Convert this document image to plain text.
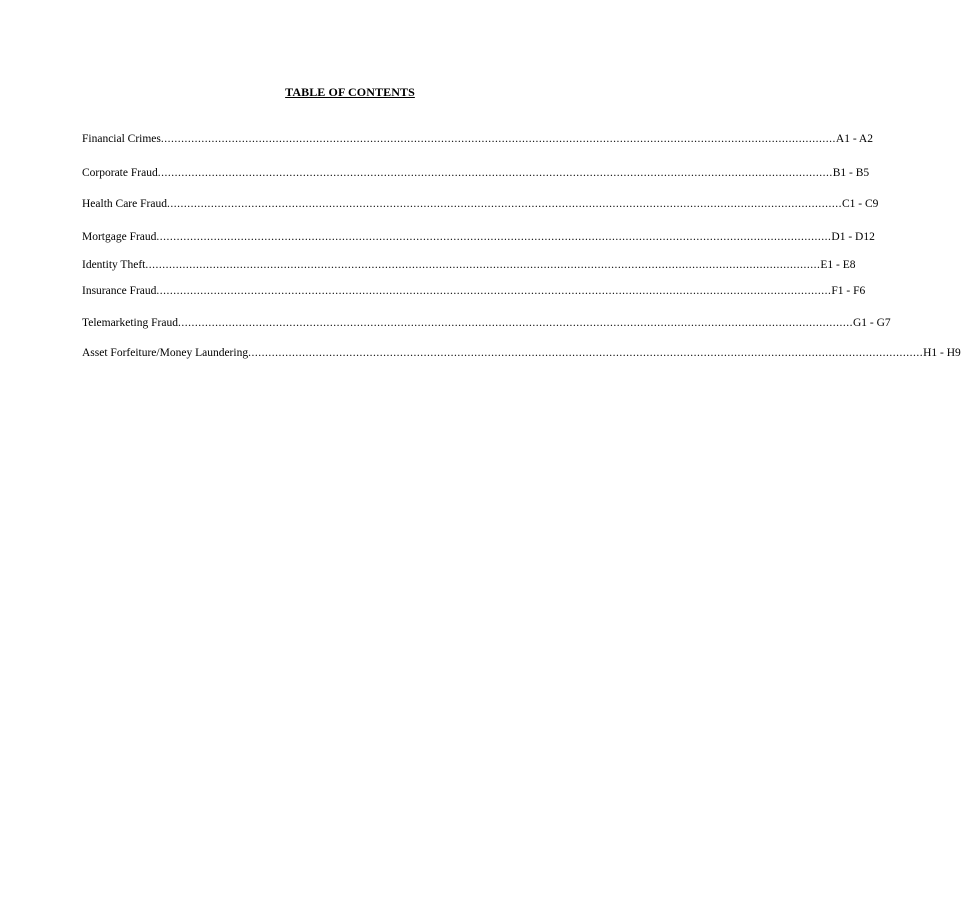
TABLE OF CONTENTS
Financial Crimes ........................................................................................................................................................................................................ A1 - A2
Corporate Fraud ........................................................................................................................................................................................................ B1 - B5
Health Care Fraud ........................................................................................................................................................................................................ C1 - C9
Mortgage Fraud ........................................................................................................................................................................................................ D1 - D12
Identity Theft ........................................................................................................................................................................................................ E1 - E8
Insurance Fraud ........................................................................................................................................................................................................ F1 - F6
Telemarketing Fraud ........................................................................................................................................................................................................ G1 - G7
Asset Forfeiture/Money Laundering ........................................................................................................................................................................................................ H1 - H9
